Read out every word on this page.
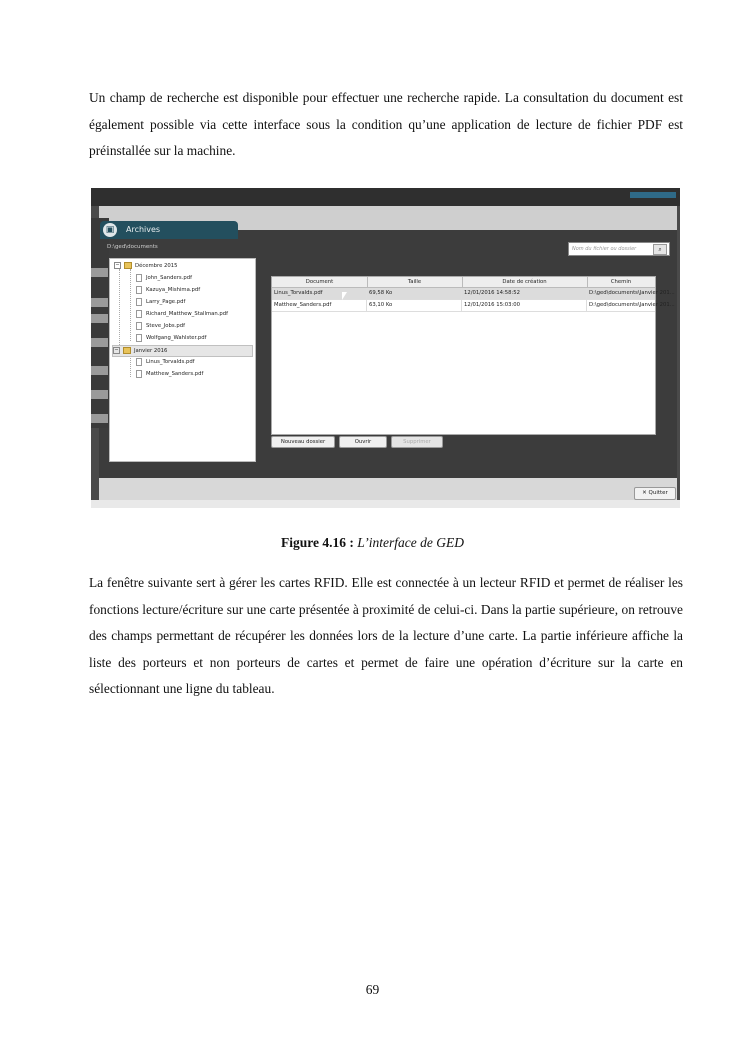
Un champ de recherche est disponible pour effectuer une recherche rapide. La consultation du document est également possible via cette interface sous la condition qu’une application de lecture de fichier PDF est préinstallée sur la machine.

▣	Archives
D:\ged\documents	Nom du fichier ou dossier	⌕
−	Décembre 2015
John_Sanders.pdf
Kazuya_Mishima.pdf
Larry_Page.pdf
Richard_Matthew_Stallman.pdf
Steve_Jobs.pdf
Wolfgang_Wahlster.pdf
−	Janvier 2016
Linus_Torvalds.pdf
Matthew_Sanders.pdf
Document	Taille	Date de création	Chemin
Linus_Torvalds.pdf	69,58 Ko	12/01/2016 14:58:52	D:\ged\documents\Janvier 201...
Matthew_Sanders.pdf	63,10 Ko	12/01/2016 15:03:00	D:\ged\documents\Janvier 201...
Nouveau dossier	Ouvrir	Supprimer
✕ Quitter
Figure 4.16 : L’interface de GED

La fenêtre suivante sert à gérer les cartes RFID. Elle est connectée à un lecteur RFID et permet de réaliser les fonctions lecture/écriture sur une carte présentée à proximité de celui-ci. Dans la partie supérieure, on retrouve des champs permettant de récupérer les données lors de la lecture d’une carte. La partie inférieure affiche la liste des porteurs et non porteurs de cartes et permet de faire une opération d’écriture sur la carte en sélectionnant une ligne du tableau.

69
